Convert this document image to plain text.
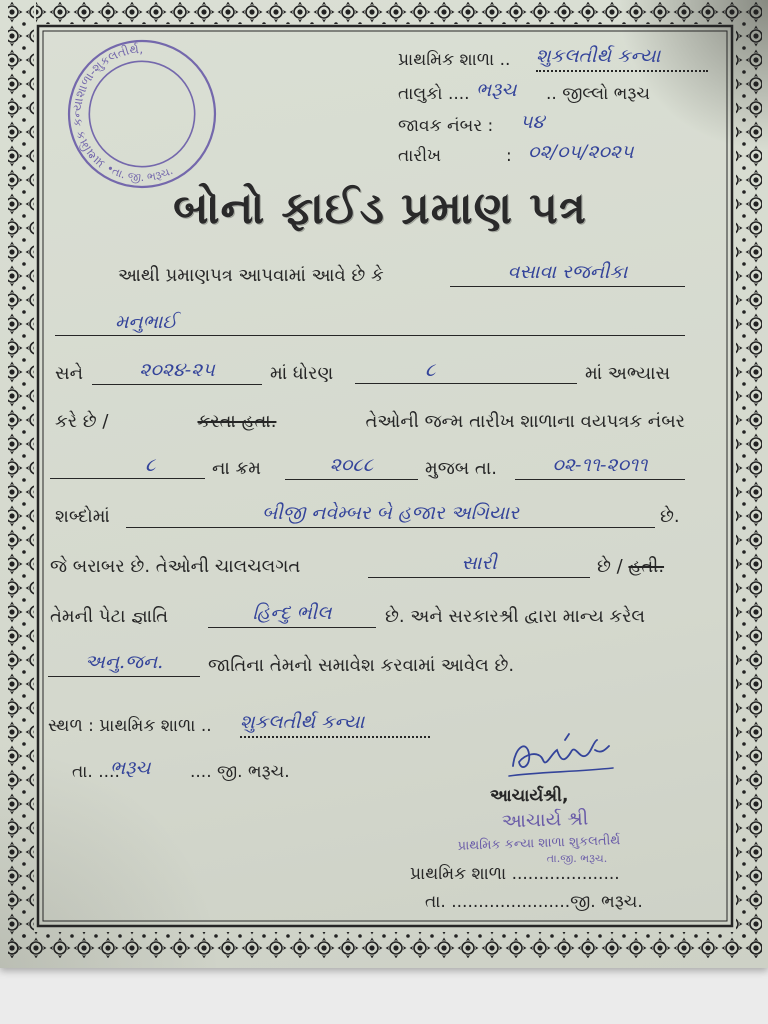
પ્રાથમિક કન્યાશાળા-શુકલતીર્થ,
•તા. જી. ભરૂચ.
પ્રાથમિક શાળા ..	શુકલતીર્થ કન્યા
તાલુકો .... ભરૂચ	.. જીલ્લો ભરૂચ
જાવક નંબર :	૫૪
તારીખ	: ૦૨/૦૫/૨૦૨૫
બોનો ફાઈડ પ્રમાણ પત્ર
આથી પ્રમાણપત્ર આપવામાં આવે છે કે	વસાવા રજનીકા
મનુભાઈ
સને	૨૦૨૪-૨૫	માં ધોરણ	૮	માં અભ્યાસ
કરે છે /	કરતા હતા.	તેઓની જન્મ તારીખ શાળાના વયપત્રક નંબર
૮	ના ક્રમ	૨૦૮૮	મુજબ તા.	૦૨-૧૧-૨૦૧૧
શબ્દોમાં	બીજી નવેમ્બર બે હજાર અગિયાર	છે.
જે બરાબર છે. તેઓની ચાલચલગત	સારી	છે / હતી.
તેમની પેટા જ્ઞાતિ	હિન્દુ ભીલ	છે. અને સરકારશ્રી દ્વારા માન્ય કરેલ
અનુ.જન.	જાતિના તેમનો સમાવેશ કરવામાં આવેલ છે.
સ્થળ : પ્રાથમિક શાળા ..	શુકલતીર્થ કન્યા
તા. ....
ભરૂચ	.... જી. ભરૂચ.
આચાર્યશ્રી,
આચાર્ય શ્રી
પ્રાથમિક કન્યા શાળા શુકલતીર્થ
તા.જી. ભરૂચ.
પ્રાથમિક શાળા ....................
તા. ......................જી. ભરૂચ.
